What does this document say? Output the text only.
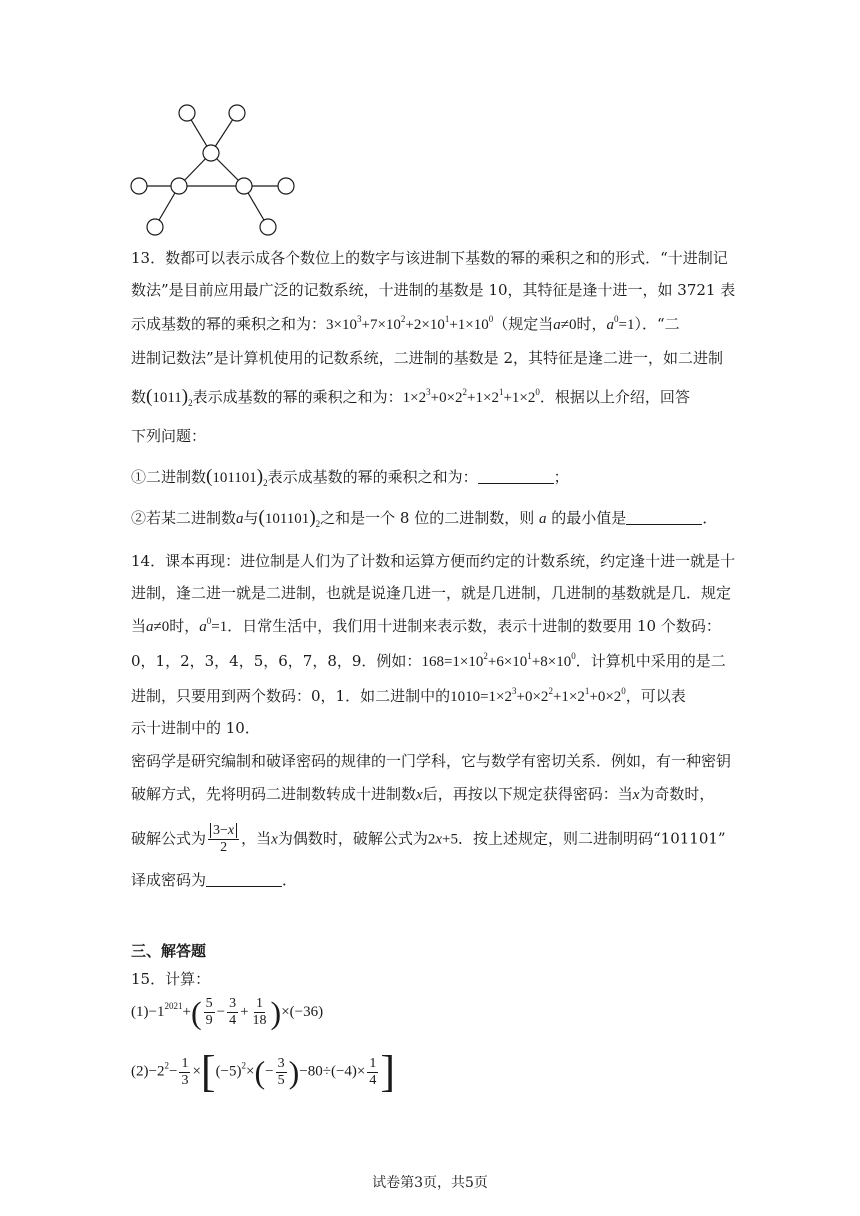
13．数都可以表示成各个数位上的数字与该进制下基数的幂的乘积之和的形式．“十进制记
数法”是目前应用最广泛的记数系统，十进制的基数是 10，其特征是逢十进一，如 3721 表
示成基数的幂的乘积之和为：$3\times 10^3+7\times 10^2+2\times 10^1+1\times 10^0$（规定当a≠0时，$a^0=1$）．“二
进制记数法”是计算机使用的记数系统，二进制的基数是 2，其特征是逢二进一，如二进制
数$(1011)_2$表示成基数的幂的乘积之和为：$1\times 2^3+0\times 2^2+1\times 2^1+1\times 2^0$．根据以上介绍，回答
下列问题：
①二进制数$(101101)_2$表示成基数的幂的乘积之和为：	；
②若某二进制数a与$(101101)_2$之和是一个 8 位的二进制数，则 a 的最小值是	．
14．课本再现：进位制是人们为了计数和运算方便而约定的计数系统，约定逢十进一就是十
进制，逢二进一就是二进制，也就是说逢几进一，就是几进制，几进制的基数就是几．规定
当a≠0时，$a^0=1$．日常生活中，我们用十进制来表示数，表示十进制的数要用 10 个数码：
0，1，2，3，4，5，6，7，8，9．例如：$168=1\times 10^2+6\times 10^1+8\times 10^0$．计算机中采用的是二
进制，只要用到两个数码：0，1．如二进制中的$1010=1\times 2^3+0\times 2^2+1\times 2^1+0\times 2^0$，可以表
示十进制中的 10．
密码学是研究编制和破译密码的规律的一门学科，它与数学有密切关系．例如，有一种密钥
破解方式，先将明码二进制数转成十进制数x后，再按以下规定获得密码：当x为奇数时，
破解公式为 $\frac{3-x}{2}$ ，当x为偶数时，破解公式为2x+5．按上述规定，则二进制明码“101101”
译成密码为	．
三、解答题
15．计算：
$(1)-1^{2021}+( \frac{5}{9} - \frac{3}{4} + \frac{1}{18} )\times(-36)$
$(2)-2^2- \frac{1}{3} \times[(-5)^2\times(- \frac{3}{5} )-80\div(-4)\times \frac{1}{4}$ ]
试卷第3页，共5页
